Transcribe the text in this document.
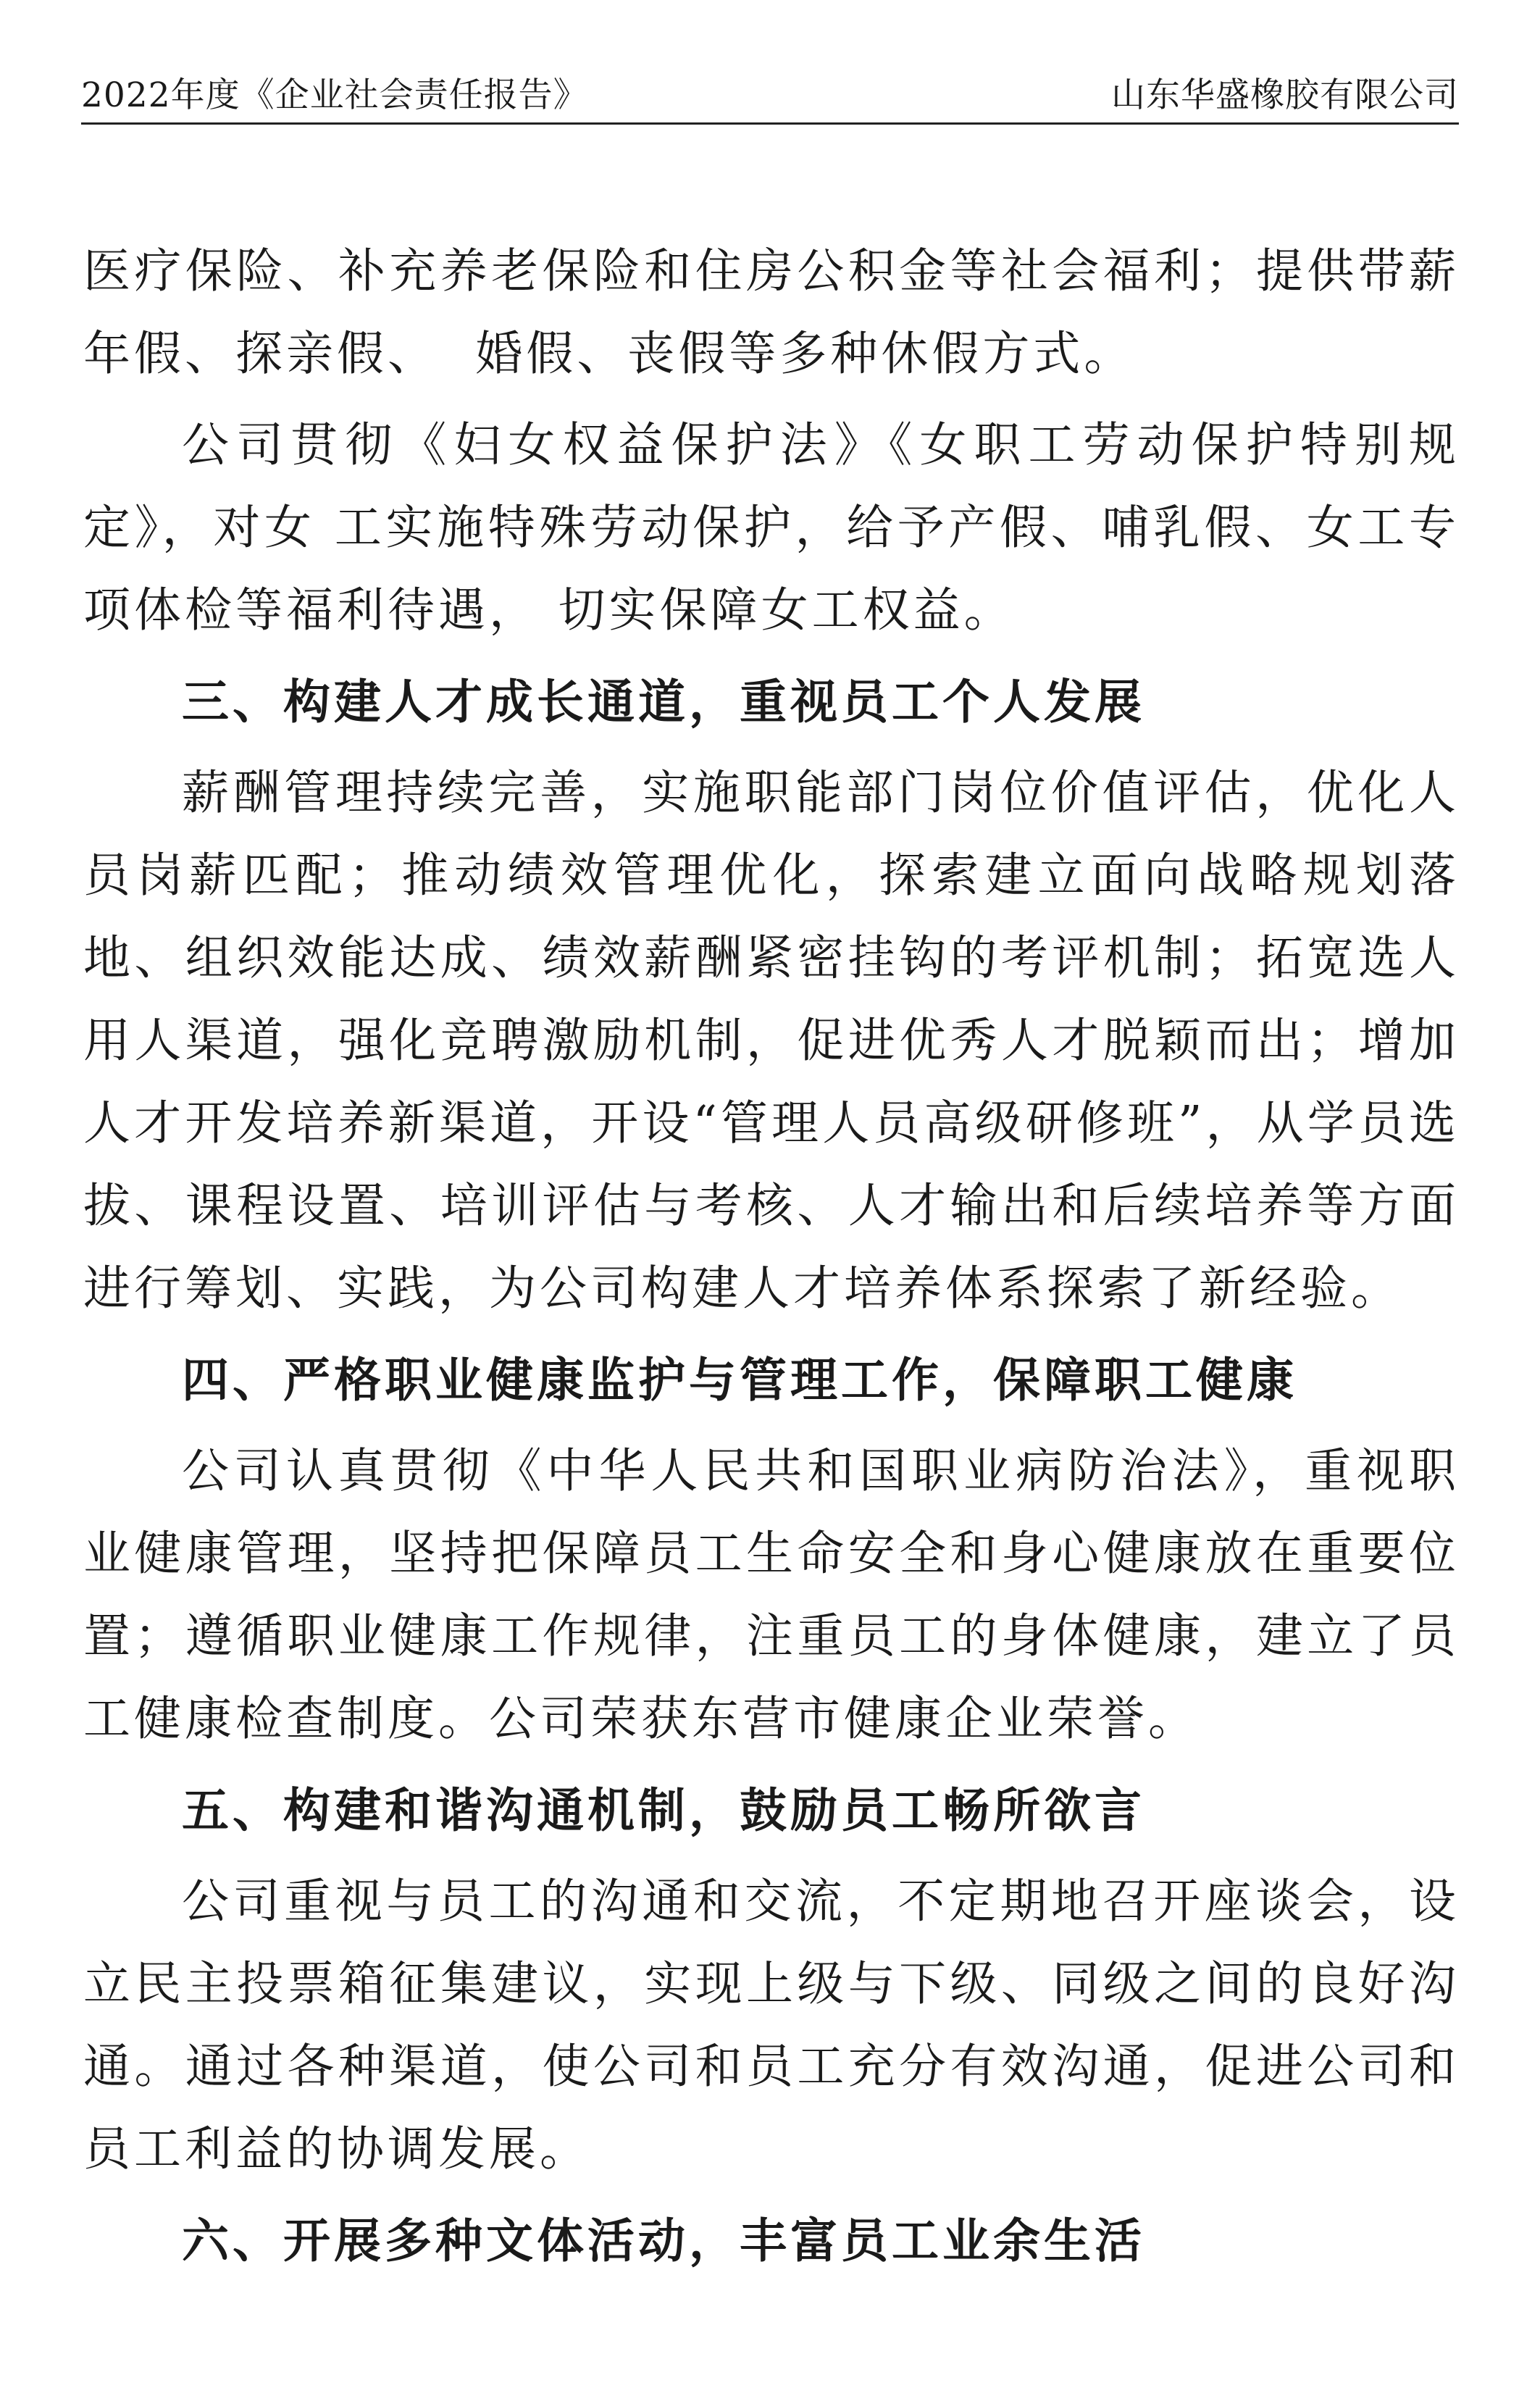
2022年度《企业社会责任报告》	山东华盛橡胶有限公司

医疗保险、补充养老保险和住房公积金等社会福利；提供带薪年假、探亲假、  婚假、丧假等多种休假方式。

公司贯彻《妇女权益保护法》《女职工劳动保护特别规定》，对女 工实施特殊劳动保护，给予产假、哺乳假、女工专项体检等福利待遇， 切实保障女工权益。

三、构建人才成长通道，重视员工个人发展

薪酬管理持续完善，实施职能部门岗位价值评估，优化人员岗薪匹配；推动绩效管理优化，探索建立面向战略规划落地、组织效能达成、绩效薪酬紧密挂钩的考评机制；拓宽选人用人渠道，强化竞聘激励机制，促进优秀人才脱颖而出；增加人才开发培养新渠道，开设“管理人员高级研修班”，从学员选拔、课程设置、培训评估与考核、人才输出和后续培养等方面进行筹划、实践，为公司构建人才培养体系探索了新经验。

四、严格职业健康监护与管理工作，保障职工健康

公司认真贯彻《中华人民共和国职业病防治法》，重视职业健康管理，坚持把保障员工生命安全和身心健康放在重要位置；遵循职业健康工作规律，注重员工的身体健康，建立了员工健康检查制度。公司荣获东营市健康企业荣誉。

五、构建和谐沟通机制，鼓励员工畅所欲言

公司重视与员工的沟通和交流，不定期地召开座谈会，设立民主投票箱征集建议，实现上级与下级、同级之间的良好沟通。通过各种渠道，使公司和员工充分有效沟通，促进公司和员工利益的协调发展。

六、开展多种文体活动，丰富员工业余生活
